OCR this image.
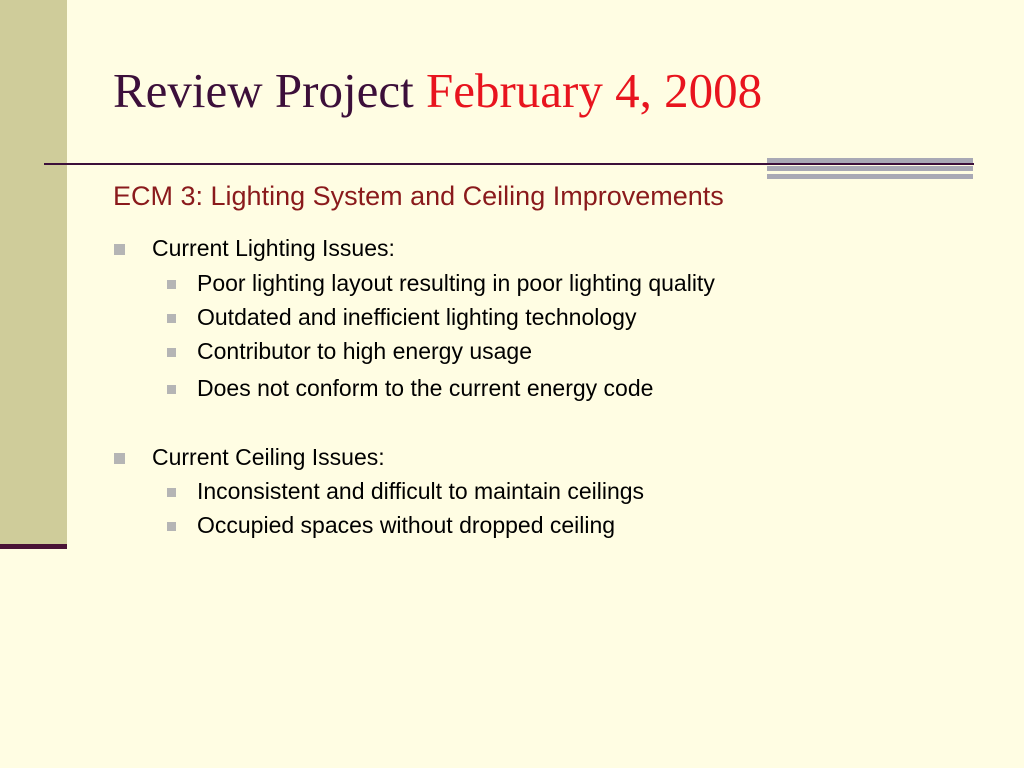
Review Project February 4, 2008
ECM 3: Lighting System and Ceiling Improvements
Current Lighting Issues:
Poor lighting layout resulting in poor lighting quality
Outdated and inefficient lighting technology
Contributor to high energy usage
Does not conform to the current energy code
Current Ceiling Issues:
Inconsistent and difficult to maintain ceilings
Occupied spaces without dropped ceiling
